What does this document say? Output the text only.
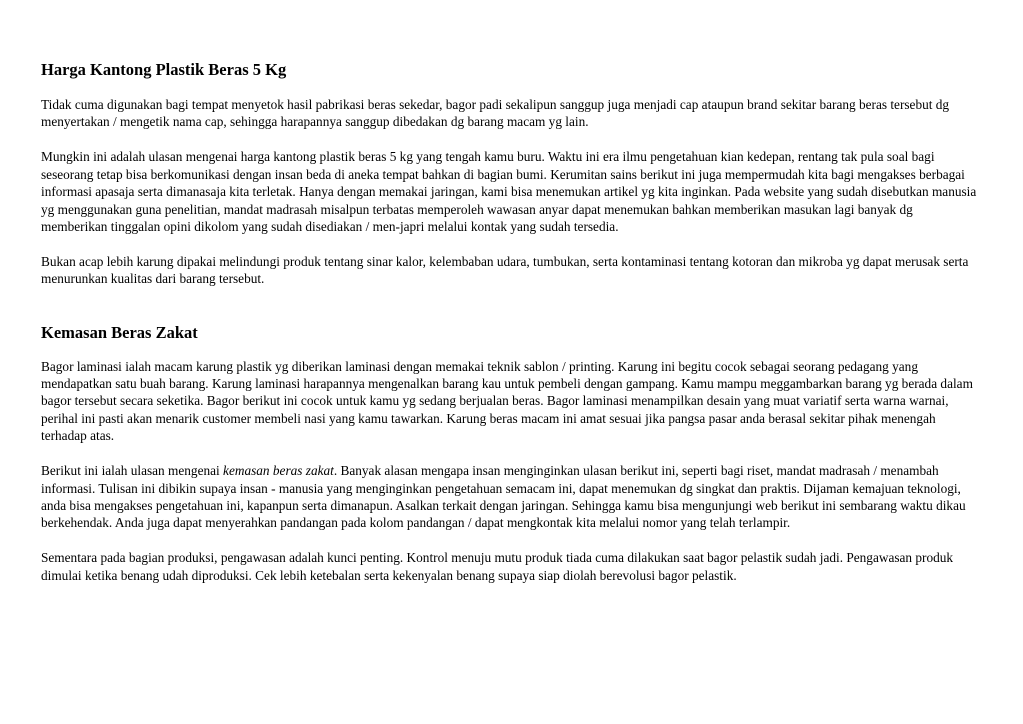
Harga Kantong Plastik Beras 5 Kg

Tidak cuma digunakan bagi tempat menyetok hasil pabrikasi beras sekedar, bagor padi sekalipun sanggup juga menjadi cap ataupun brand sekitar barang beras tersebut dg menyertakan / mengetik nama cap, sehingga harapannya sanggup dibedakan dg barang macam yg lain.

Mungkin ini adalah ulasan mengenai harga kantong plastik beras 5 kg yang tengah kamu buru. Waktu ini era ilmu pengetahuan kian kedepan, rentang tak pula soal bagi seseorang tetap bisa berkomunikasi dengan insan beda di aneka tempat bahkan di bagian bumi. Kerumitan sains berikut ini juga mempermudah kita bagi mengakses berbagai informasi apasaja serta dimanasaja kita terletak. Hanya dengan memakai jaringan, kami bisa menemukan artikel yg kita inginkan. Pada website yang sudah disebutkan manusia yg menggunakan guna penelitian, mandat madrasah misalpun terbatas memperoleh wawasan anyar dapat menemukan bahkan memberikan masukan lagi banyak dg memberikan tinggalan opini dikolom yang sudah disediakan / men-japri melalui kontak yang sudah tersedia.

Bukan acap lebih karung dipakai melindungi produk tentang sinar kalor, kelembaban udara, tumbukan, serta kontaminasi tentang kotoran dan mikroba yg dapat merusak serta menurunkan kualitas dari barang tersebut.

Kemasan Beras Zakat

Bagor laminasi ialah macam karung plastik yg diberikan laminasi dengan memakai teknik sablon / printing. Karung ini begitu cocok sebagai seorang pedagang yang mendapatkan satu buah barang. Karung laminasi harapannya mengenalkan barang kau untuk pembeli dengan gampang. Kamu mampu meggambarkan barang yg berada dalam bagor tersebut secara seketika. Bagor berikut ini cocok untuk kamu yg sedang berjualan beras. Bagor laminasi menampilkan desain yang muat variatif serta warna warnai, perihal ini pasti akan menarik customer membeli nasi yang kamu tawarkan. Karung beras macam ini amat sesuai jika pangsa pasar anda berasal sekitar pihak menengah terhadap atas.

Berikut ini ialah ulasan mengenai kemasan beras zakat. Banyak alasan mengapa insan menginginkan ulasan berikut ini, seperti bagi riset, mandat madrasah / menambah informasi. Tulisan ini dibikin supaya insan - manusia yang menginginkan pengetahuan semacam ini, dapat menemukan dg singkat dan praktis. Dijaman kemajuan teknologi, anda bisa mengakses pengetahuan ini, kapanpun serta dimanapun. Asalkan terkait dengan jaringan. Sehingga kamu bisa mengunjungi web berikut ini sembarang waktu dikau berkehendak. Anda juga dapat menyerahkan pandangan pada kolom pandangan / dapat mengkontak kita melalui nomor yang telah terlampir.

Sementara pada bagian produksi, pengawasan adalah kunci penting. Kontrol menuju mutu produk tiada cuma dilakukan saat bagor pelastik sudah jadi. Pengawasan produk dimulai ketika benang udah diproduksi. Cek lebih ketebalan serta kekenyalan benang supaya siap diolah berevolusi bagor pelastik.
